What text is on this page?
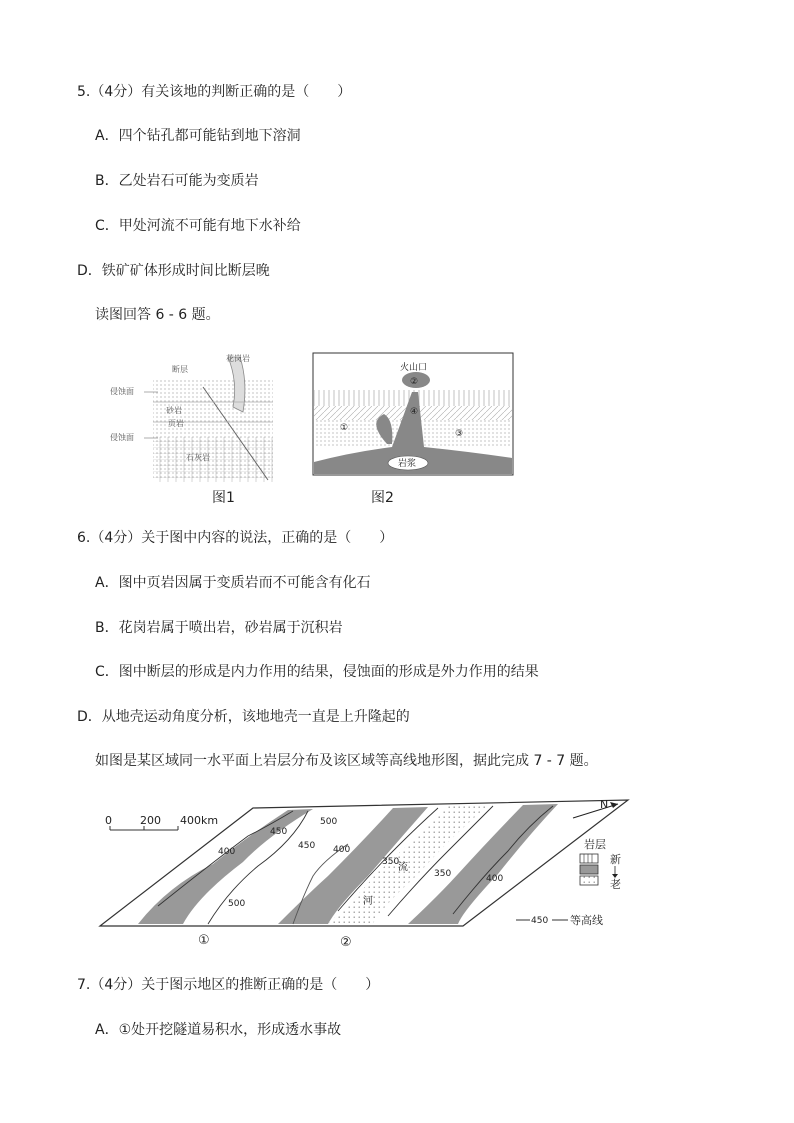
5.（4分）有关该地的判断正确的是（　　）
A．四个钻孔都可能钻到地下溶洞
B．乙处岩石可能为变质岩
C．甲处河流不可能有地下水补给
D．铁矿矿体形成时间比断层晚
读图回答 6 - 6 题。
花岗岩
断层
侵蚀面
砂岩
页岩
侵蚀面
石灰岩
图1
火山口
②
④
①
③
岩浆
图2
6.（4分）关于图中内容的说法，正确的是（　　）
A．图中页岩因属于变质岩而不可能含有化石
B．花岗岩属于喷出岩，砂岩属于沉积岩
C．图中断层的形成是内力作用的结果，侵蚀面的形成是外力作用的结果
D．从地壳运动角度分析，该地地壳一直是上升隆起的
如图是某区域同一水平面上岩层分布及该区域等高线地形图，据此完成 7 - 7 题。
0	200 400km
450
500
400
450
500
400
350
350	400
流
河
N
岩层
新
老
450 等高线
①	②
7.（4分）关于图示地区的推断正确的是（　　）
A．①处开挖隧道易积水，形成透水事故
